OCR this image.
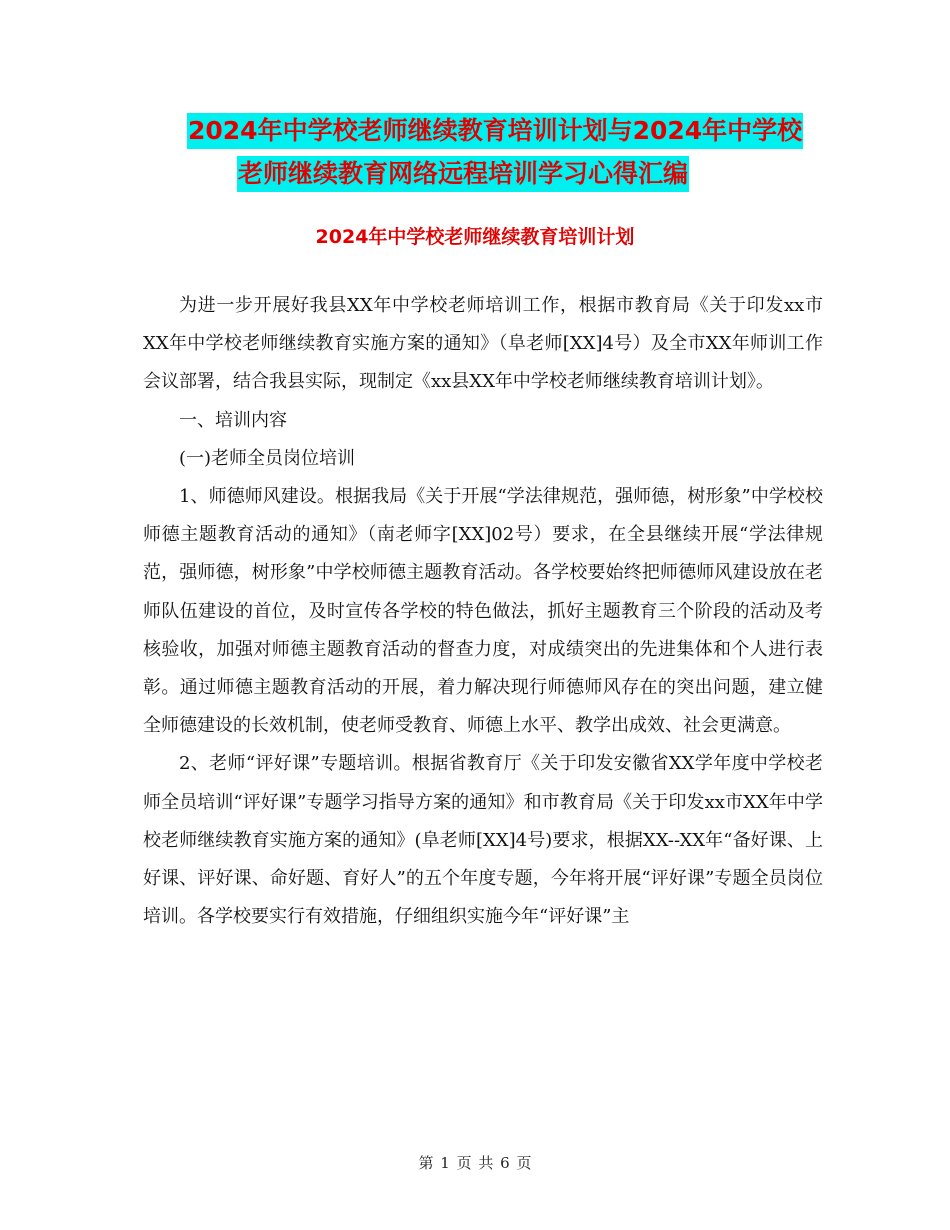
2024年中学校老师继续教育培训计划与2024年中学校
老师继续教育网络远程培训学习心得汇编
2024年中学校老师继续教育培训计划

为进一步开展好我县XX年中学校老师培训工作，根据市教育局《关于印发xx市XX年中学校老师继续教育实施方案的通知》（阜老师[XX]4号）及全市XX年师训工作会议部署，结合我县实际，现制定《xx县XX年中学校老师继续教育培训计划》。

一、培训内容

(一)老师全员岗位培训

1、师德师风建设。根据我局《关于开展“学法律规范，强师德，树形象”中学校校师德主题教育活动的通知》（南老师字[XX]02号）要求，在全县继续开展“学法律规范，强师德，树形象”中学校师德主题教育活动。各学校要始终把师德师风建设放在老师队伍建设的首位，及时宣传各学校的特色做法，抓好主题教育三个阶段的活动及考核验收，加强对师德主题教育活动的督查力度，对成绩突出的先进集体和个人进行表彰。通过师德主题教育活动的开展，着力解决现行师德师风存在的突出问题，建立健全师德建设的长效机制，使老师受教育、师德上水平、教学出成效、社会更满意。

2、老师“评好课”专题培训。根据省教育厅《关于印发安徽省XX学年度中学校老师全员培训“评好课”专题学习指导方案的通知》和市教育局《关于印发xx市XX年中学校老师继续教育实施方案的通知》(阜老师[XX]4号)要求，根据XX--XX年“备好课、上好课、评好课、命好题、育好人”的五个年度专题，今年将开展“评好课”专题全员岗位培训。各学校要实行有效措施，仔细组织实施今年“评好课”主

第 1 页 共 6 页
